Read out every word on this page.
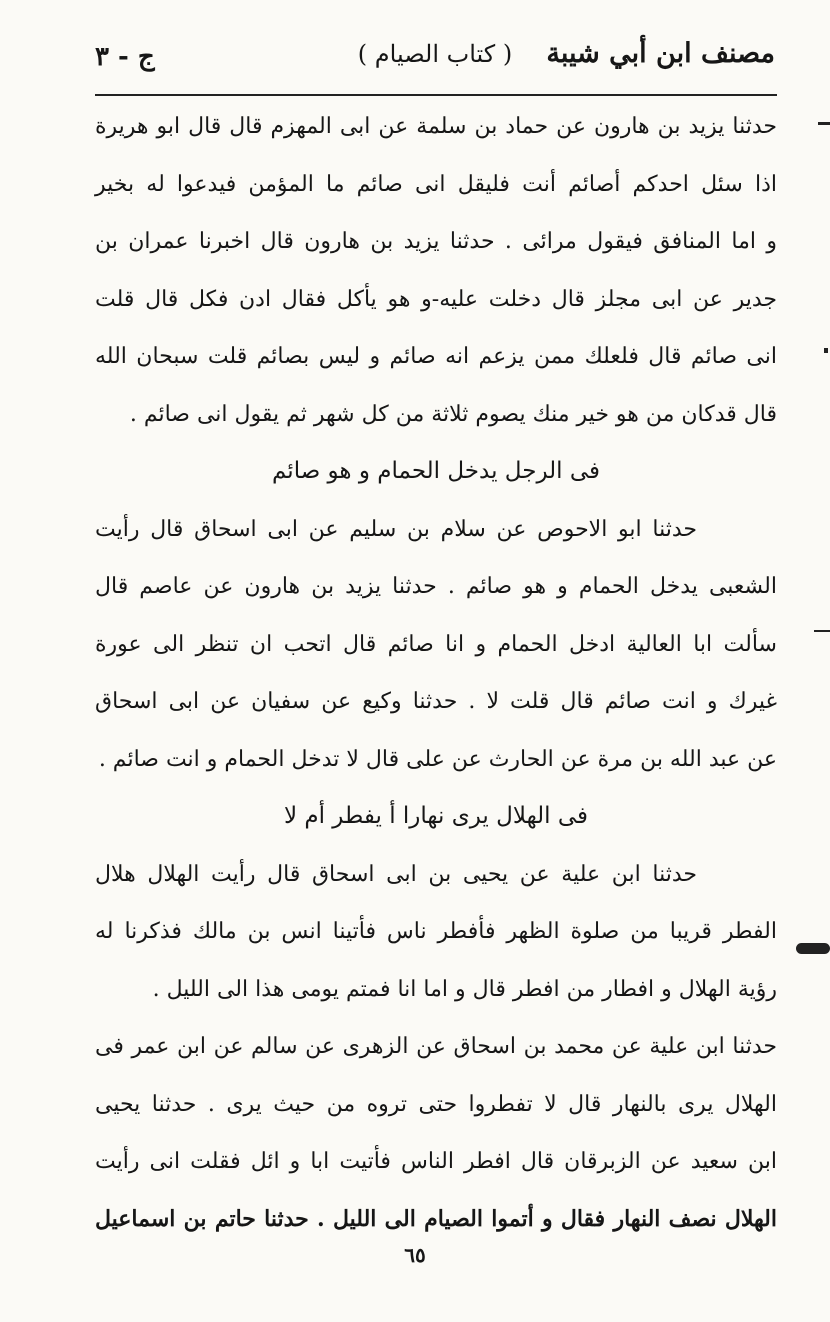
مصنف ابن أبي شيبة
( كتاب الصيام )
ج - ٣
حدثنا يزيد بن هارون عن حماد بن سلمة عن ابى المهزم قال قال ابو هريرة
اذا سئل احدكم أصائم أنت فليقل انى صائم ما المؤمن فيدعوا له بخير
و اما المنافق فيقول مرائى . حدثنا يزيد بن هارون قال اخبرنا عمران بن
جدير عن ابى مجلز قال دخلت عليه-و هو يأكل فقال ادن فكل قال قلت
انى صائم قال فلعلك ممن يزعم انه صائم و ليس بصائم قلت سبحان الله
قال قدكان من هو خير منك يصوم ثلاثة من كل شهر ثم يقول انى صائم .
فى الرجل يدخل الحمام و هو صائم
حدثنا ابو الاحوص عن سلام بن سليم عن ابى اسحاق قال رأيت
الشعبى يدخل الحمام و هو صائم . حدثنا يزيد بن هارون عن عاصم قال
سألت ابا العالية ادخل الحمام و انا صائم قال اتحب ان تنظر الى عورة
غيرك و انت صائم قال قلت لا . حدثنا وكيع عن سفيان عن ابى اسحاق
عن عبد الله بن مرة عن الحارث عن على قال لا تدخل الحمام و انت صائم .
فى الهلال يرى نهارا أ يفطر أم لا
حدثنا ابن علية عن يحيى بن ابى اسحاق قال رأيت الهلال هلال
الفطر قريبا من صلوة الظهر فأفطر ناس فأتينا انس بن مالك فذكرنا له
رؤية الهلال و افطار من افطر قال و اما انا فمتم يومى هذا الى الليل .
حدثنا ابن علية عن محمد بن اسحاق عن الزهرى عن سالم عن ابن عمر فى
الهلال يرى بالنهار قال لا تفطروا حتى تروه من حيث يرى . حدثنا يحيى
ابن سعيد عن الزبرقان قال افطر الناس فأتيت ابا و ائل فقلت انى رأيت
الهلال نصف النهار فقال و أتموا الصيام الى الليل . حدثنا حاتم بن اسماعيل
٦٥
